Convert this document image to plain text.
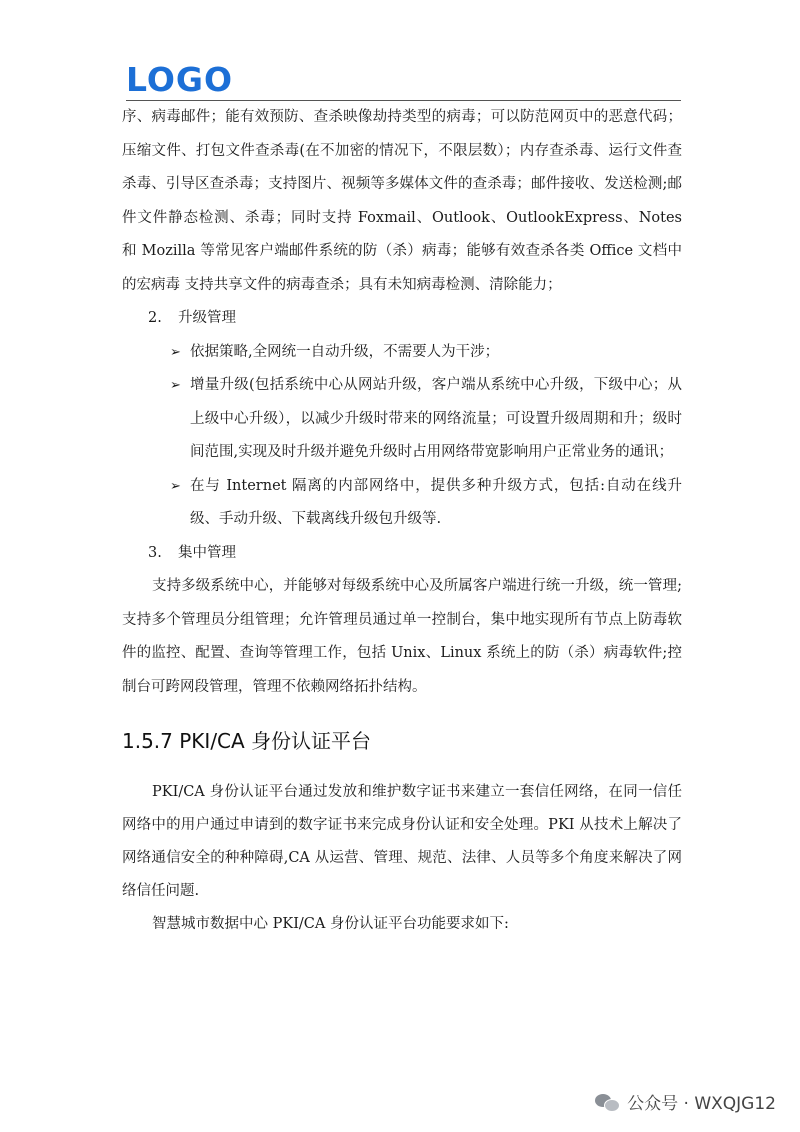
LOGO

序、病毒邮件；能有效预防、查杀映像劫持类型的病毒；可以防范网页中的恶意代码；压缩文件、打包文件查杀毒(在不加密的情况下，不限层数）；内存查杀毒、运行文件查杀毒、引导区查杀毒；支持图片、视频等多媒体文件的查杀毒；邮件接收、发送检测;邮件文件静态检测、杀毒；同时支持 Foxmail、Outlook、OutlookExpress、Notes 和 Mozilla 等常见客户端邮件系统的防（杀）病毒；能够有效查杀各类 Office 文档中的宏病毒 支持共享文件的病毒查杀；具有未知病毒检测、清除能力；

2. 升级管理

➢ 依据策略,全网统一自动升级，不需要人为干涉；
➢ 增量升级(包括系统中心从网站升级，客户端从系统中心升级，下级中心；从上级中心升级），以减少升级时带来的网络流量；可设置升级周期和升；级时间范围,实现及时升级并避免升级时占用网络带宽影响用户正常业务的通讯；
➢ 在与 Internet 隔离的内部网络中，提供多种升级方式，包括:自动在线升级、手动升级、下载离线升级包升级等.

3. 集中管理

支持多级系统中心，并能够对每级系统中心及所属客户端进行统一升级，统一管理;支持多个管理员分组管理；允许管理员通过单一控制台，集中地实现所有节点上防毒软件的监控、配置、查询等管理工作，包括 Unix、Linux 系统上的防（杀）病毒软件;控制台可跨网段管理，管理不依赖网络拓扑结构。

1.5.7 PKI/CA 身份认证平台

PKI/CA 身份认证平台通过发放和维护数字证书来建立一套信任网络，在同一信任网络中的用户通过申请到的数字证书来完成身份认证和安全处理。PKI 从技术上解决了网络通信安全的种种障碍,CA 从运营、管理、规范、法律、人员等多个角度来解决了网络信任问题.

智慧城市数据中心 PKI/CA 身份认证平台功能要求如下:

公众号 · WXQJG12
